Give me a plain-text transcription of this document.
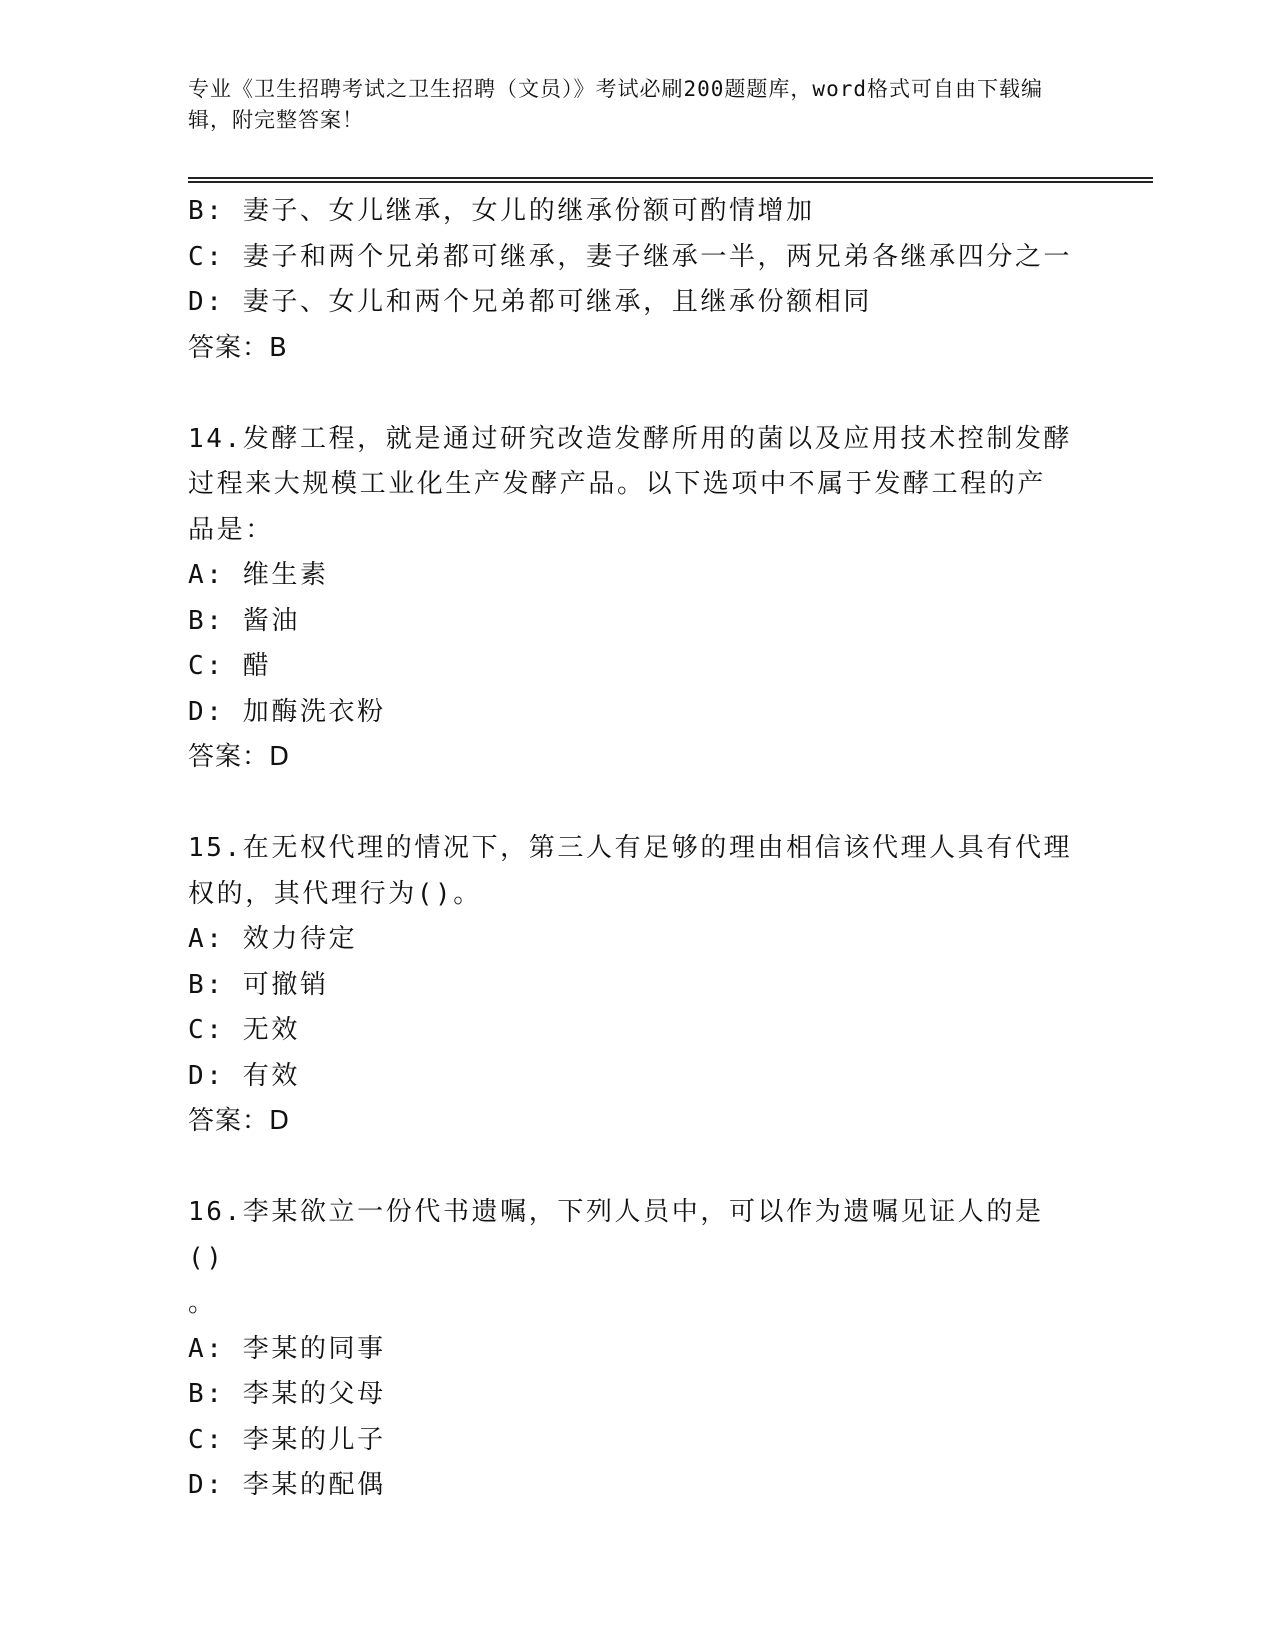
专业《卫生招聘考试之卫生招聘（文员）》考试必刷200题题库，word格式可自由下载编辑，附完整答案！

B: 妻子、女儿继承，女儿的继承份额可酌情增加

C: 妻子和两个兄弟都可继承，妻子继承一半，两兄弟各继承四分之一

D: 妻子、女儿和两个兄弟都可继承，且继承份额相同

答案：B

14.发酵工程，就是通过研究改造发酵所用的菌以及应用技术控制发酵

过程来大规模工业化生产发酵产品。以下选项中不属于发酵工程的产

品是：

A: 维生素

B: 酱油

C: 醋

D: 加酶洗衣粉

答案：D

15.在无权代理的情况下，第三人有足够的理由相信该代理人具有代理

权的，其代理行为()。

A: 效力待定

B: 可撤销

C: 无效

D: 有效

答案：D

16.李某欲立一份代书遗嘱，下列人员中，可以作为遗嘱见证人的是()

。

A: 李某的同事

B: 李某的父母

C: 李某的儿子

D: 李某的配偶
